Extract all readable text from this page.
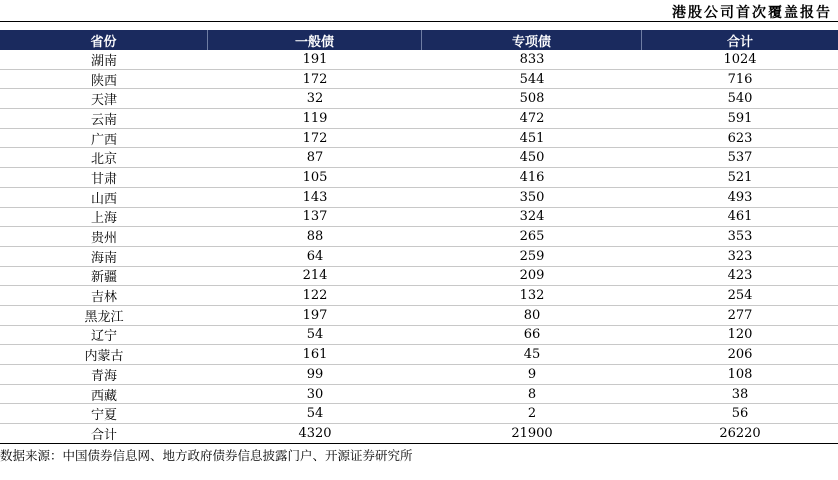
港股公司首次覆盖报告
省份	一般债	专项债	合计
湖南	191	833	1024
陕西	172	544	716
天津	32	508	540
云南	119	472	591
广西	172	451	623
北京	87	450	537
甘肃	105	416	521
山西	143	350	493
上海	137	324	461
贵州	88	265	353
海南	64	259	323
新疆	214	209	423
吉林	122	132	254
黑龙江	197	80	277
辽宁	54	66	120
内蒙古	161	45	206
青海	99	9	108
西藏	30	8	38
宁夏	54	2	56
合计	4320	21900	26220
数据来源：中国债券信息网、地方政府债券信息披露门户、开源证券研究所
